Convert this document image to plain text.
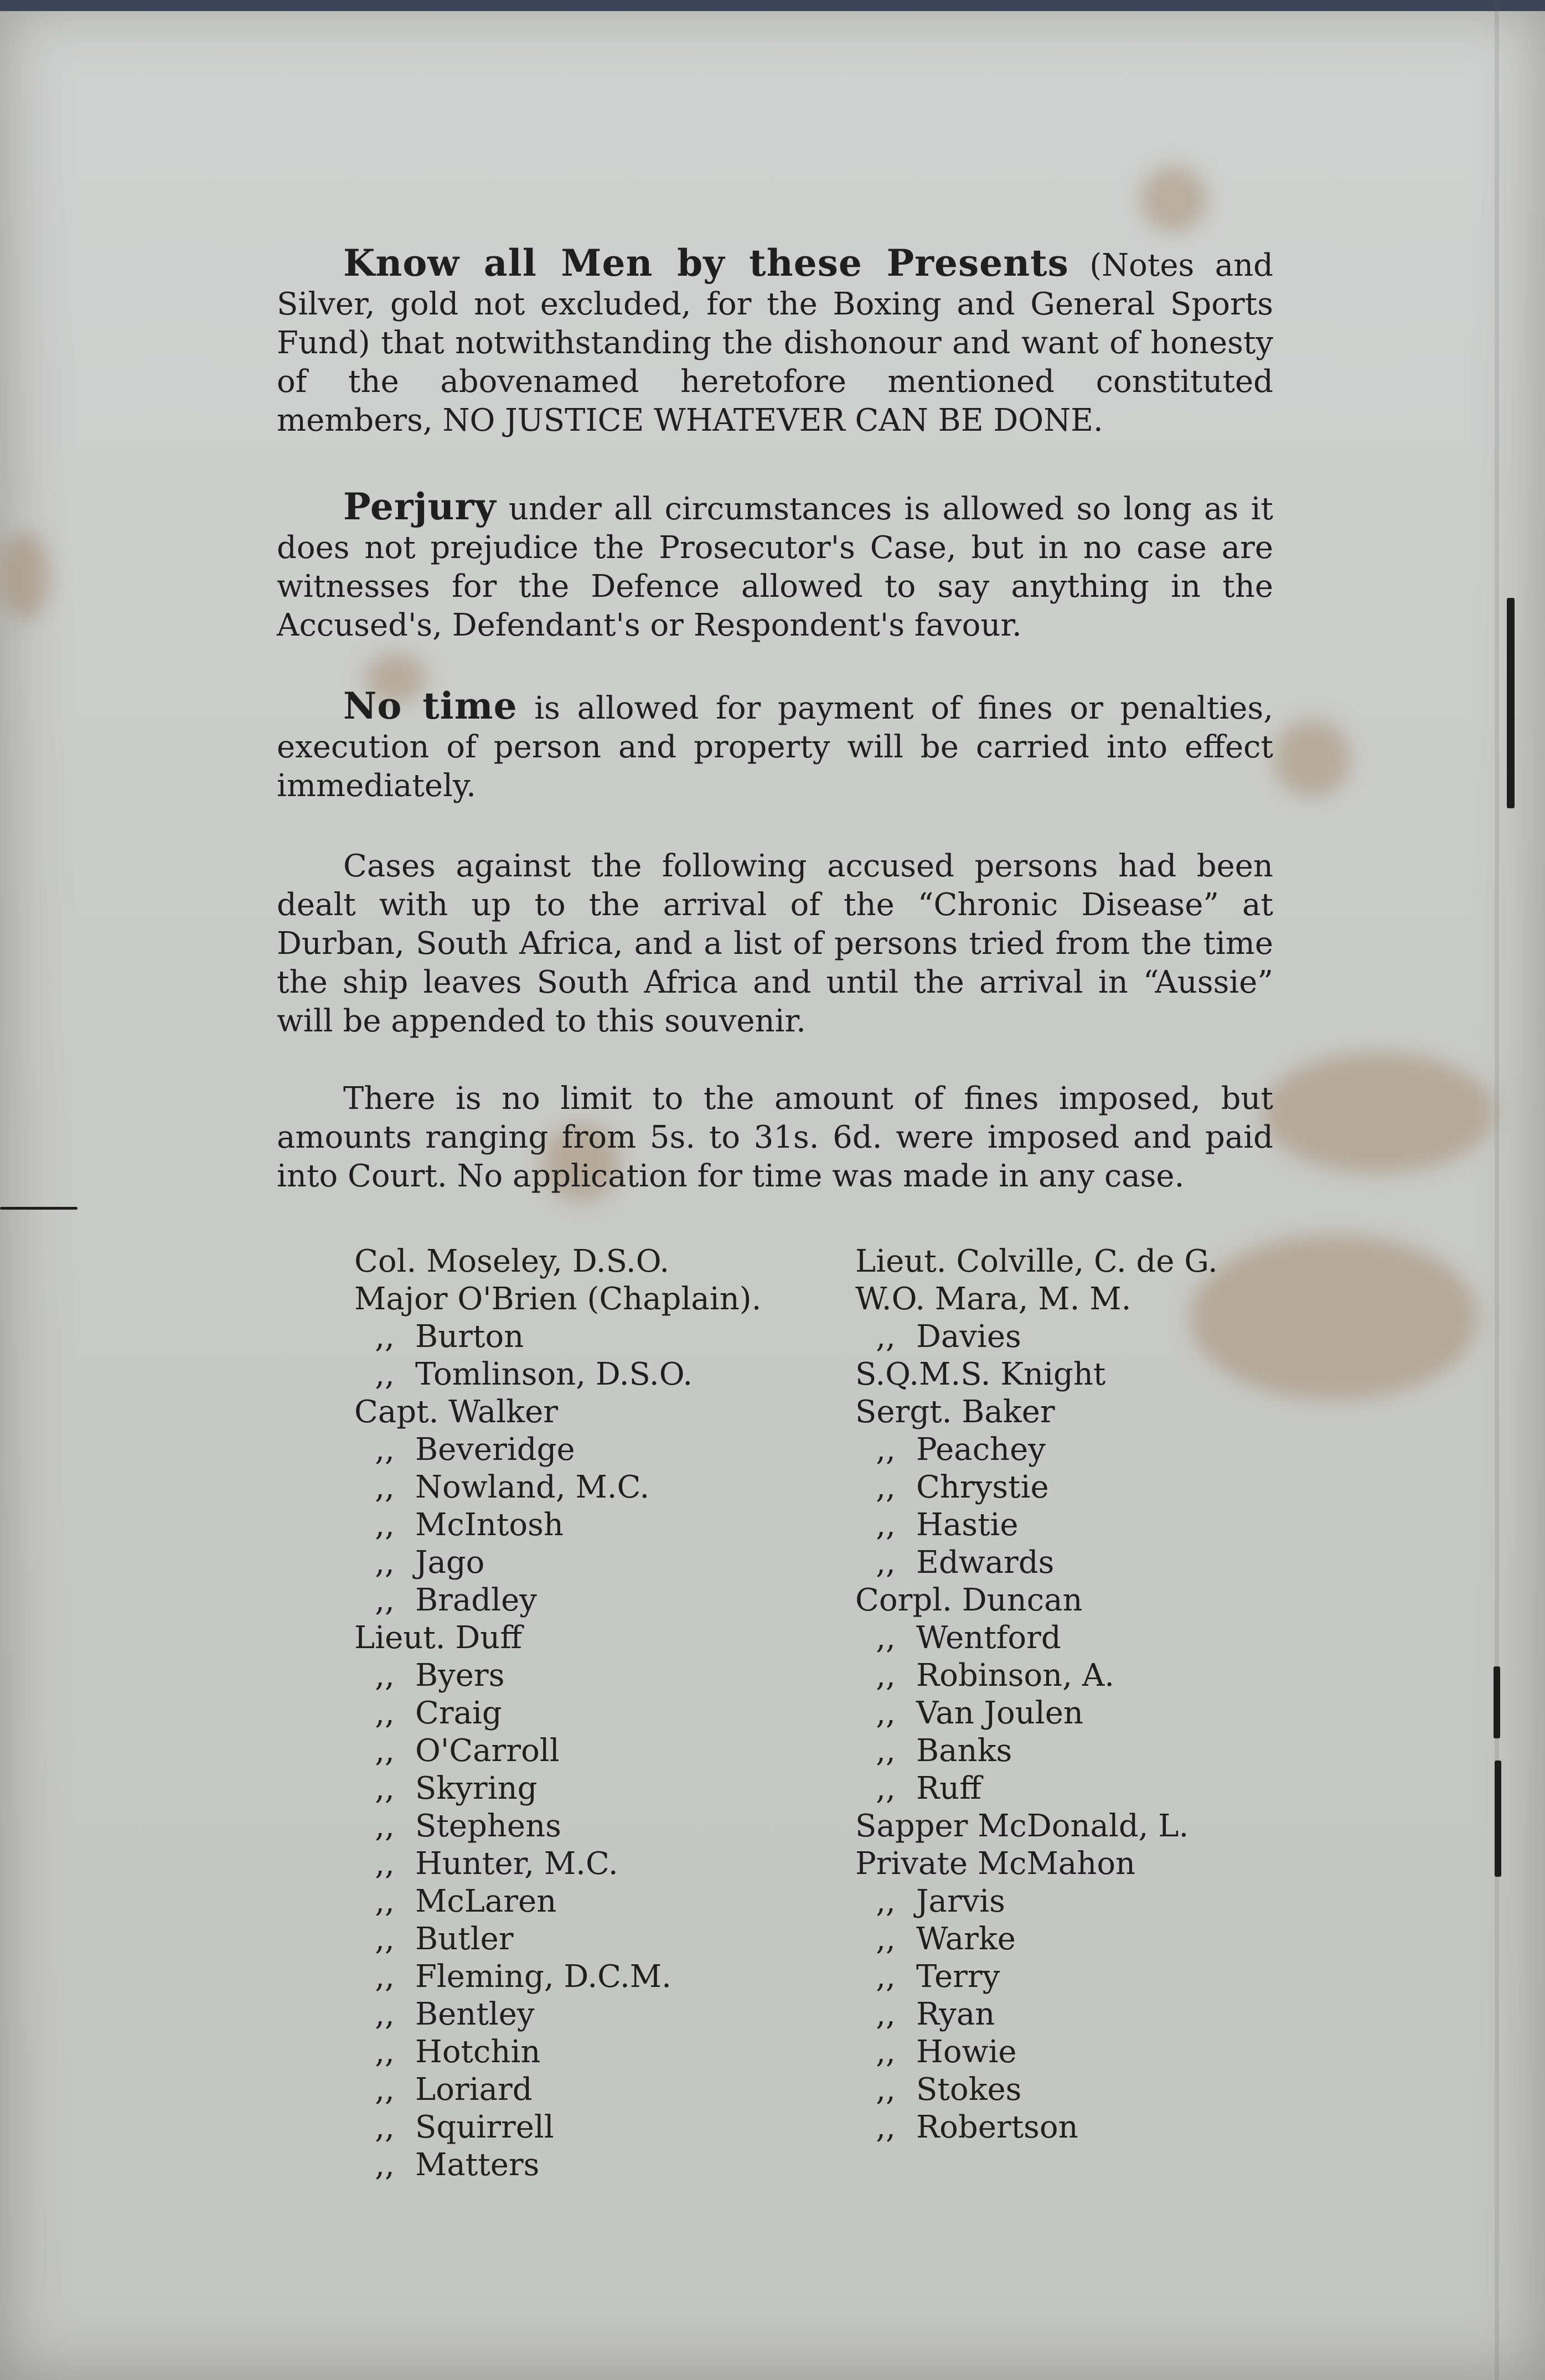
Know all Men by these Presents (Notes and Silver, gold not excluded, for the Boxing and General Sports Fund) that notwithstanding the dishonour and want of honesty of the abovenamed heretofore mentioned constituted members, NO JUSTICE WHATEVER CAN BE DONE.

Perjury under all circumstances is allowed so long as it does not prejudice the Prosecutor's Case, but in no case are witnesses for the Defence allowed to say anything in the Accused's, Defendant's or Respondent's favour.

No time is allowed for payment of fines or penalties, execution of person and property will be carried into effect immediately.

Cases against the following accused persons had been dealt with up to the arrival of the “Chronic Disease” at Durban, South Africa, and a list of persons tried from the time the ship leaves South Africa and until the arrival in “Aussie” will be appended to this souvenir.

There is no limit to the amount of fines imposed, but amounts ranging from 5s. to 31s. 6d. were imposed and paid into Court. No application for time was made in any case.

Col. Moseley, D.S.O.
Major O'Brien (Chaplain).
,, Burton
,, Tomlinson, D.S.O.
Capt. Walker
,, Beveridge
,, Nowland, M.C.
,, McIntosh
,, Jago
,, Bradley
Lieut. Duff
,, Byers
,, Craig
,, O'Carroll
,, Skyring
,, Stephens
,, Hunter, M.C.
,, McLaren
,, Butler
,, Fleming, D.C.M.
,, Bentley
,, Hotchin
,, Loriard
,, Squirrell
,, Matters
Lieut. Colville, C. de G.
W.O. Mara, M. M.
,, Davies
S.Q.M.S. Knight
Sergt. Baker
,, Peachey
,, Chrystie
,, Hastie
,, Edwards
Corpl. Duncan
,, Wentford
,, Robinson, A.
,, Van Joulen
,, Banks
,, Ruff
Sapper McDonald, L.
Private McMahon
,, Jarvis
,, Warke
,, Terry
,, Ryan
,, Howie
,, Stokes
,, Robertson
